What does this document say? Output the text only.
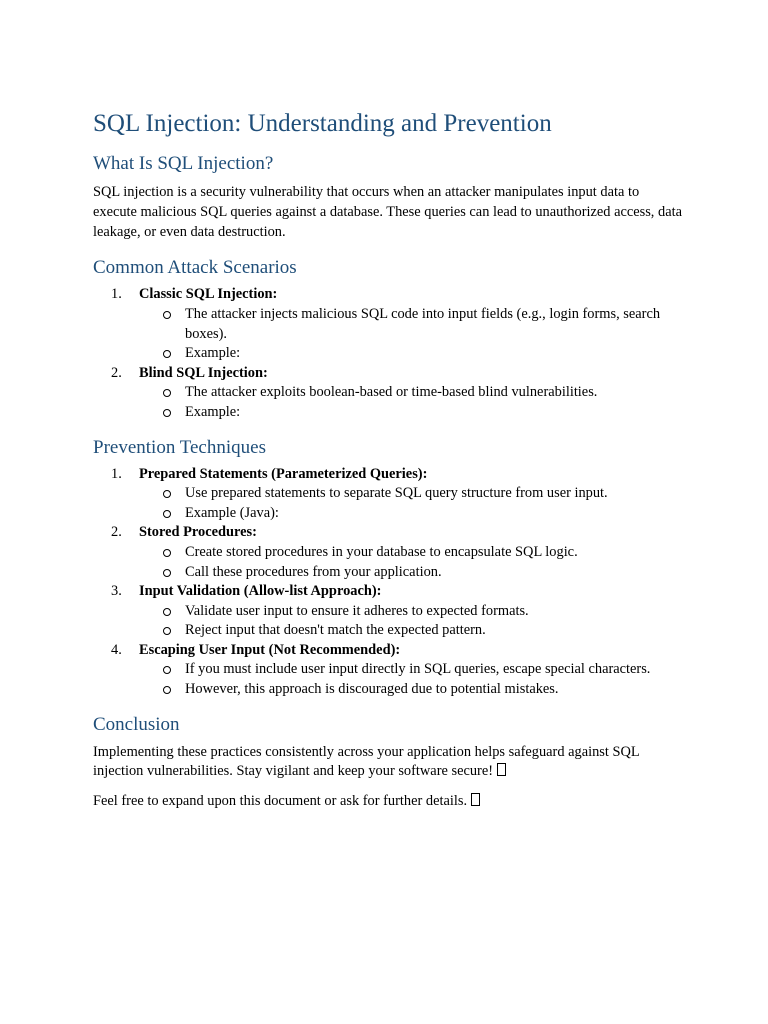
SQL Injection: Understanding and Prevention
What Is SQL Injection?

SQL injection is a security vulnerability that occurs when an attacker manipulates input data to execute malicious SQL queries against a database. These queries can lead to unauthorized access, data leakage, or even data destruction.

Common Attack Scenarios
1. Classic SQL Injection:
The attacker injects malicious SQL code into input fields (e.g., login forms, search boxes).
Example:
2. Blind SQL Injection:
The attacker exploits boolean-based or time-based blind vulnerabilities.
Example:
Prevention Techniques
1. Prepared Statements (Parameterized Queries):
Use prepared statements to separate SQL query structure from user input.
Example (Java):
2. Stored Procedures:
Create stored procedures in your database to encapsulate SQL logic.
Call these procedures from your application.
3. Input Validation (Allow-list Approach):
Validate user input to ensure it adheres to expected formats.
Reject input that doesn't match the expected pattern.
4. Escaping User Input (Not Recommended):
If you must include user input directly in SQL queries, escape special characters.
However, this approach is discouraged due to potential mistakes.
Conclusion

Implementing these practices consistently across your application helps safeguard against SQL injection vulnerabilities. Stay vigilant and keep your software secure!

Feel free to expand upon this document or ask for further details.
